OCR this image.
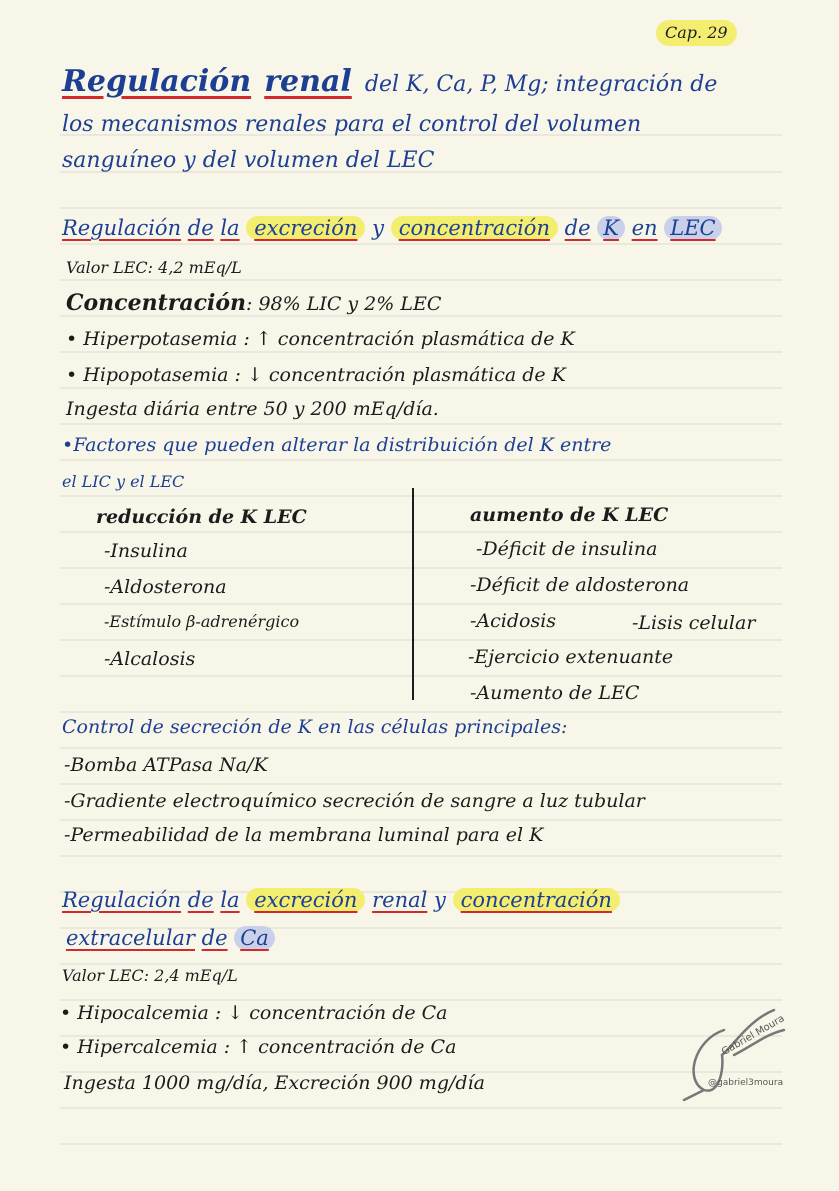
Cap. 29
Regulación renal del K, Ca, P, Mg; integración de
los mecanismos renales para el control del volumen
sanguíneo y del volumen del LEC
Regulación de la excreción y concentración de K en LEC
Valor LEC: 4,2 mEq/L
Concentración: 98% LIC y 2% LEC
• Hiperpotasemia : ↑ concentración plasmática de K
• Hipopotasemia : ↓ concentración plasmática de K
Ingesta diária entre 50 y 200 mEq/día.
•Factores que pueden alterar la distribuición del K entre
el LIC y el LEC
reducción de K LEC
-Insulina
-Aldosterona
-Estímulo β-adrenérgico
-Alcalosis
aumento de K LEC
-Déficit de insulina
-Déficit de aldosterona
-Acidosis	-Lisis celular
-Ejercicio extenuante
-Aumento de LEC
Control de secreción de K en las células principales:
-Bomba ATPasa Na/K
-Gradiente electroquímico secreción de sangre a luz tubular
-Permeabilidad de la membrana luminal para el K
Regulación de la excreción renal y concentración
extracelular de Ca
Valor LEC: 2,4 mEq/L
• Hipocalcemia : ↓ concentración de Ca
• Hipercalcemia : ↑ concentración de Ca
Ingesta 1000 mg/día, Excreción 900 mg/día
Gabriel Moura
@gabriel3moura
